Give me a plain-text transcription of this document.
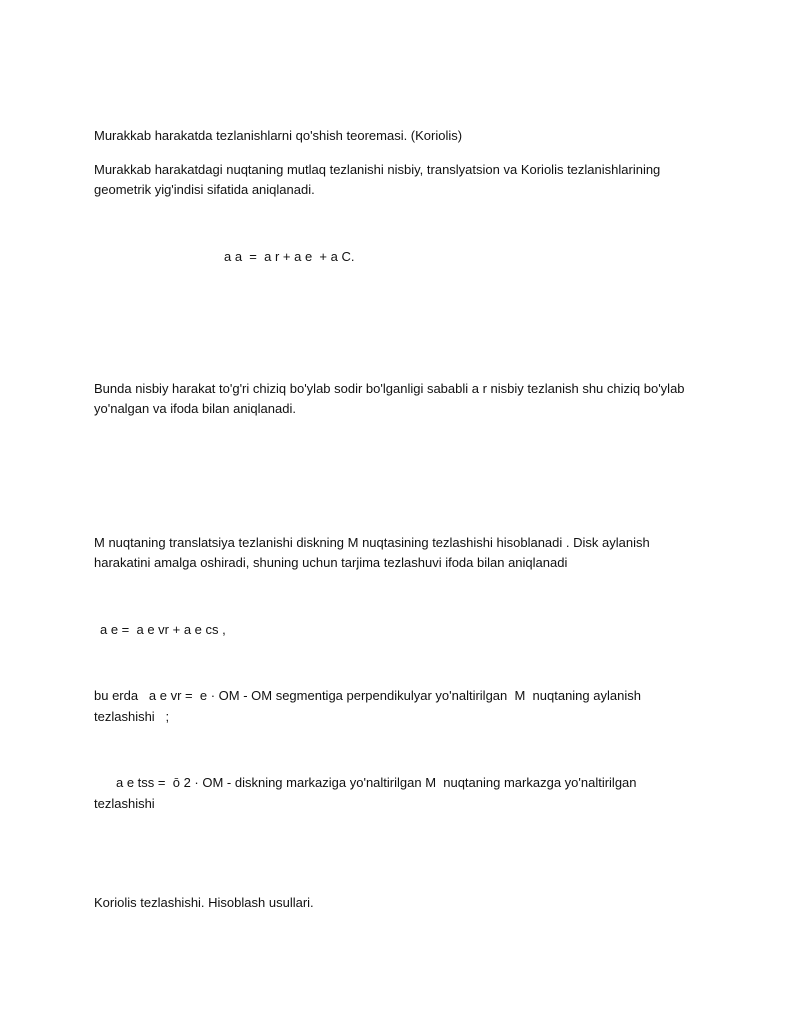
Murakkab harakatda tezlanishlarni qo'shish teoremasi. (Koriolis)
Murakkab harakatdagi nuqtaning mutlaq tezlanishi nisbiy, translyatsion va Koriolis tezlanishlarining geometrik yig'indisi sifatida aniqlanadi.
a a  =  a r + a e  + a C.
Bunda nisbiy harakat to'g'ri chiziq bo'ylab sodir bo'lganligi sababli a r nisbiy tezlanish shu chiziq bo'ylab yo'nalgan va ifoda bilan aniqlanadi.
M nuqtaning translatsiya tezlanishi diskning M nuqtasining tezlashishi hisoblanadi . Disk aylanish harakatini amalga oshiradi, shuning uchun tarjima tezlashuvi ifoda bilan aniqlanadi
a e =  a e vr + a e cs ,
bu erda   a e vr =  e · OM - OM segmentiga perpendikulyar yo'naltirilgan  M  nuqtaning aylanish
tezlashishi   ;
a e tss =  ō 2 · OM - diskning markaziga yo'naltirilgan M  nuqtaning markazga yo'naltirilgan
tezlashishi
Koriolis tezlashishi. Hisoblash usullari.
